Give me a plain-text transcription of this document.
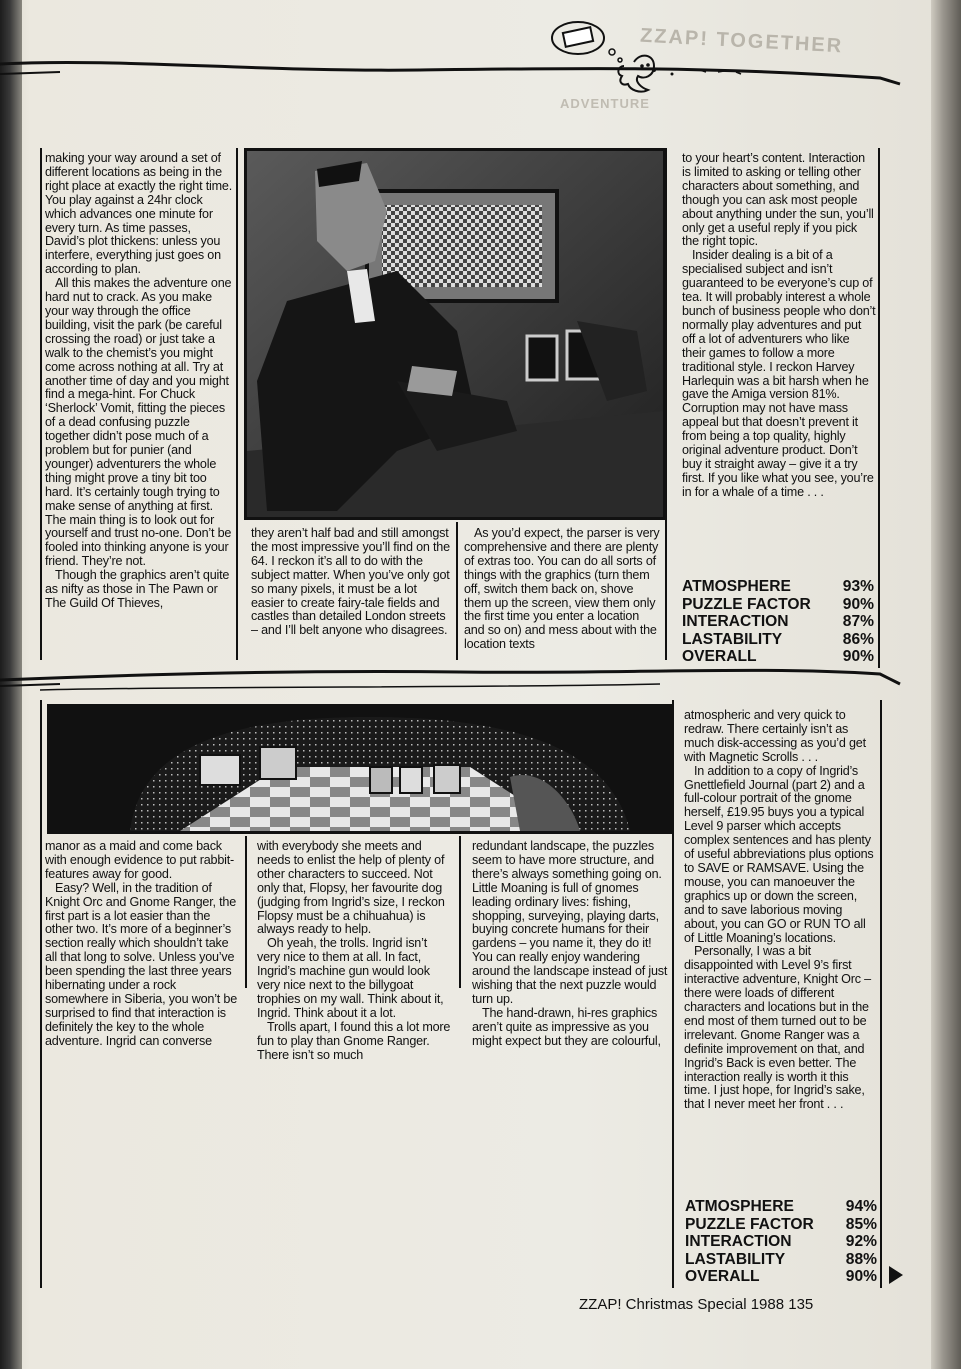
ZZAP! TOGETHER
ADVENTURE

making your way around a set of different locations as being in the right place at exactly the right time. You play against a 24hr clock which advances one minute for every turn. As time passes, David’s plot thickens: unless you interfere, everything just goes on according to plan.

All this makes the adventure one hard nut to crack. As you make your way through the office building, visit the park (be careful crossing the road) or just take a walk to the chemist’s you might come across nothing at all. Try at another time of day and you might find a mega-hint. For Chuck ‘Sherlock’ Vomit, fitting the pieces of a dead confusing puzzle together didn’t pose much of a problem but for punier (and younger) adventurers the whole thing might prove a tiny bit too hard. It’s certainly tough trying to make sense of anything at first. The main thing is to look out for yourself and trust no-one. Don’t be fooled into thinking anyone is your friend. They’re not.

Though the graphics aren’t quite as nifty as those in The Pawn or The Guild Of Thieves,

they aren’t half bad and still amongst the most impressive you’ll find on the 64. I reckon it’s all to do with the subject matter. When you’ve only got so many pixels, it must be a lot easier to create fairy-tale fields and castles than detailed London streets – and I’ll belt anyone who disagrees.

As you’d expect, the parser is very comprehensive and there are plenty of extras too. You can do all sorts of things with the graphics (turn them off, switch them back on, shove them up the screen, view them only the first time you enter a location and so on) and mess about with the location texts

to your heart’s content. Interaction is limited to asking or telling other characters about something, and though you can ask most people about anything under the sun, you’ll only get a useful reply if you pick the right topic.

Insider dealing is a bit of a specialised subject and isn’t guaranteed to be everyone’s cup of tea. It will probably interest a whole bunch of business people who don’t normally play adventures and put off a lot of adventurers who like their games to follow a more traditional style. I reckon Harvey Harlequin was a bit harsh when he gave the Amiga version 81%. Corruption may not have mass appeal but that doesn’t prevent it from being a top quality, highly original adventure product. Don’t buy it straight away – give it a try first. If you like what you see, you’re in for a whale of a time . . .

ATMOSPHERE	93%
PUZZLE FACTOR 90%
INTERACTION	87%
LASTABILITY	86%
OVERALL	90%

manor as a maid and come back with enough evidence to put rabbit-features away for good.

Easy? Well, in the tradition of Knight Orc and Gnome Ranger, the first part is a lot easier than the other two. It’s more of a beginner’s section really which shouldn’t take all that long to solve. Unless you’ve been spending the last three years hibernating under a rock somewhere in Siberia, you won’t be surprised to find that interaction is definitely the key to the whole adventure. Ingrid can converse

with everybody she meets and needs to enlist the help of plenty of other characters to succeed. Not only that, Flopsy, her favourite dog (judging from Ingrid’s size, I reckon Flopsy must be a chihuahua) is always ready to help.

Oh yeah, the trolls. Ingrid isn’t very nice to them at all. In fact, Ingrid’s machine gun would look very nice next to the billygoat trophies on my wall. Think about it, Ingrid. Think about it a lot.

Trolls apart, I found this a lot more fun to play than Gnome Ranger. There isn’t so much

redundant landscape, the puzzles seem to have more structure, and there’s always something going on. Little Moaning is full of gnomes leading ordinary lives: fishing, shopping, surveying, playing darts, buying concrete humans for their gardens – you name it, they do it! You can really enjoy wandering around the landscape instead of just wishing that the next puzzle would turn up.

The hand-drawn, hi-res graphics aren’t quite as impressive as you might expect but they are colourful,

atmospheric and very quick to redraw. There certainly isn’t as much disk-accessing as you’d get with Magnetic Scrolls . . .

In addition to a copy of Ingrid’s Gnettlefield Journal (part 2) and a full-colour portrait of the gnome herself, £19.95 buys you a typical Level 9 parser which accepts complex sentences and has plenty of useful abbreviations plus options to SAVE or RAMSAVE. Using the mouse, you can manoeuver the graphics up or down the screen, and to save laborious moving about, you can GO or RUN TO all of Little Moaning’s locations.

Personally, I was a bit disappointed with Level 9’s first interactive adventure, Knight Orc – there were loads of different characters and locations but in the end most of them turned out to be irrelevant. Gnome Ranger was a definite improvement on that, and Ingrid’s Back is even better. The interaction really is worth it this time. I just hope, for Ingrid’s sake, that I never meet her front . . .

ATMOSPHERE	94%
PUZZLE FACTOR 85%
INTERACTION	92%
LASTABILITY	88%
OVERALL	90%
ZZAP! Christmas Special 1988 135
